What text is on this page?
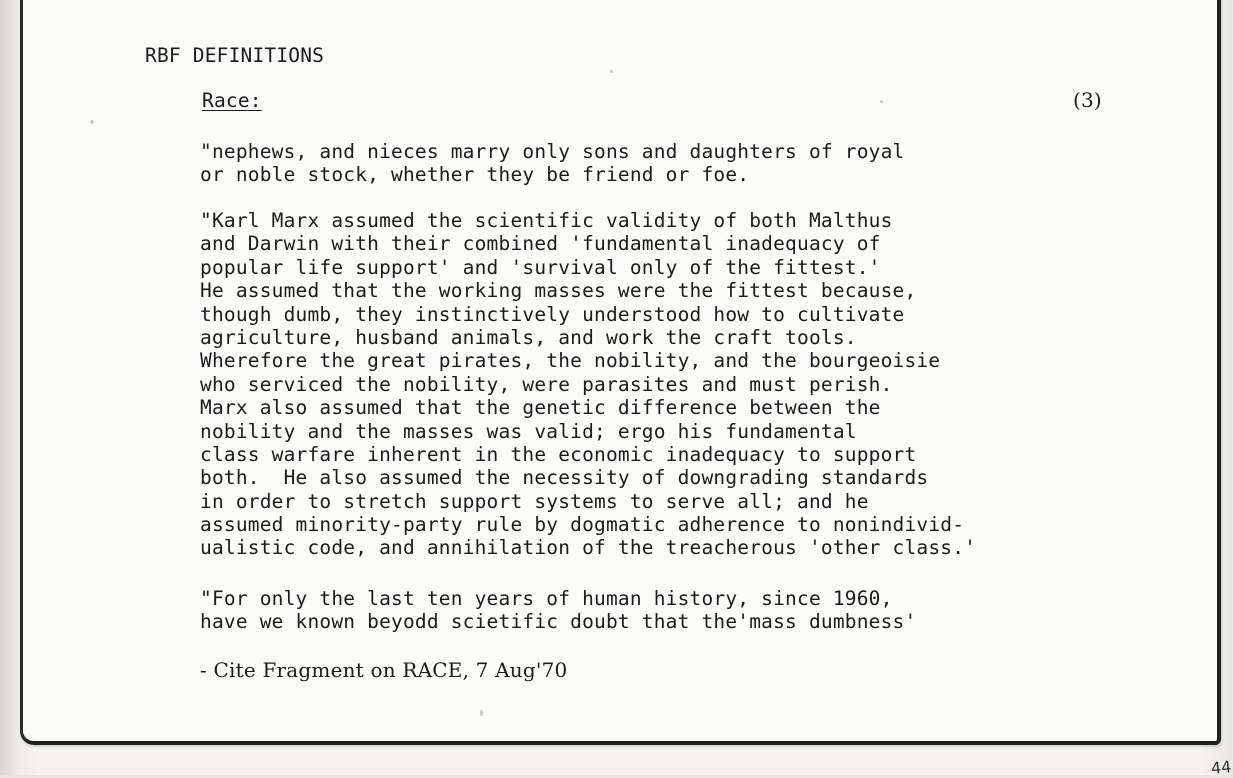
RBF DEFINITIONS
Race:	(3)
"nephews, and nieces marry only sons and daughters of royal
or noble stock, whether they be friend or foe.
"Karl Marx assumed the scientific validity of both Malthus
and Darwin with their combined 'fundamental inadequacy of
popular life support' and 'survival only of the fittest.'
He assumed that the working masses were the fittest because,
though dumb, they instinctively understood how to cultivate
agriculture, husband animals, and work the craft tools.
Wherefore the great pirates, the nobility, and the bourgeoisie
who serviced the nobility, were parasites and must perish.
Marx also assumed that the genetic difference between the
nobility and the masses was valid; ergo his fundamental
class warfare inherent in the economic inadequacy to support
both.  He also assumed the necessity of downgrading standards
in order to stretch support systems to serve all; and he
assumed minority-party rule by dogmatic adherence to nonindivid-
ualistic code, and annihilation of the treacherous 'other class.'
"For only the last ten years of human history, since 1960,
have we known beyodd scietific doubt that the'mass dumbness'
- Cite Fragment on RACE, 7 Aug'70
44
